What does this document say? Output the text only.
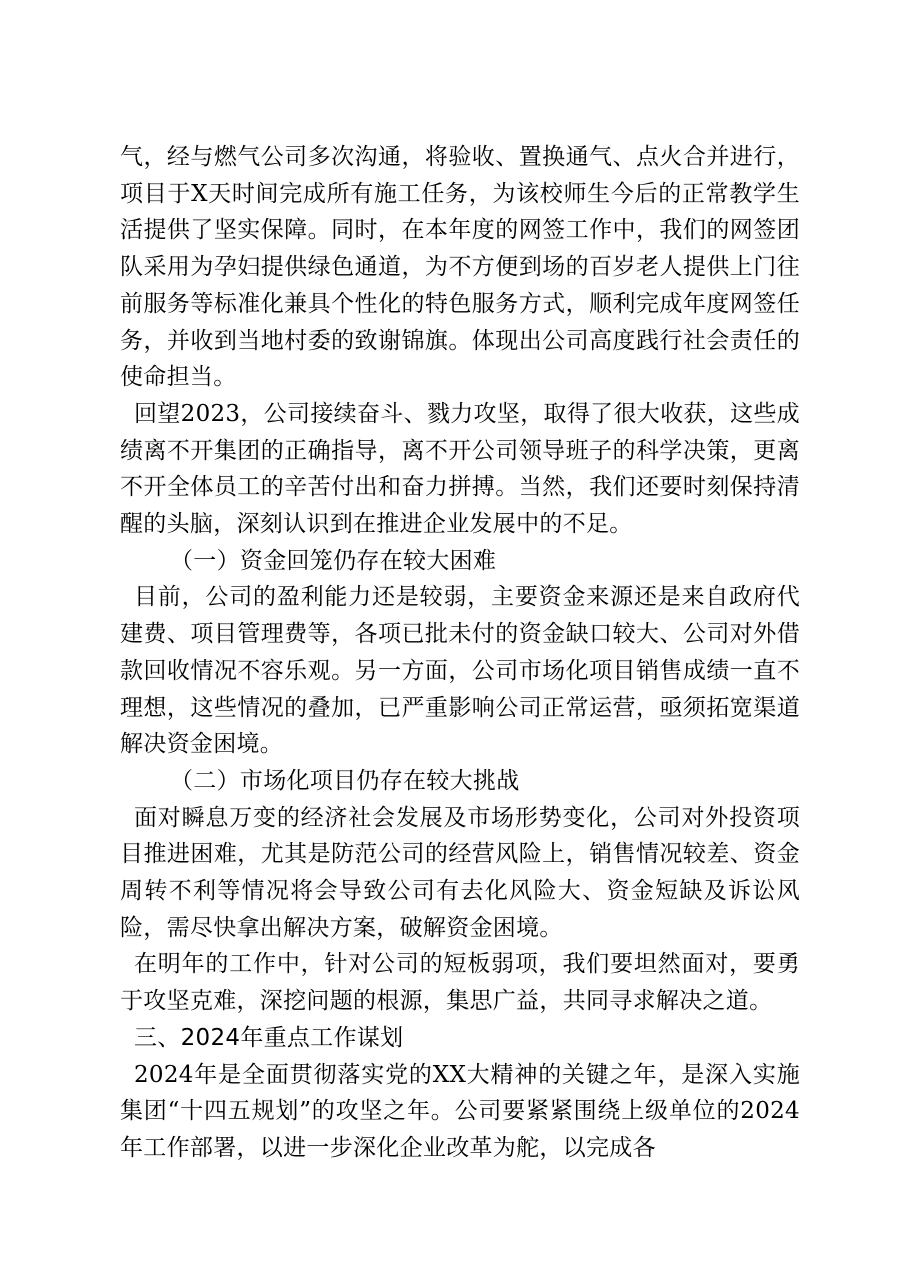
气，经与燃气公司多次沟通，将验收、置换通气、点火合并进行，项目于X天时间完成所有施工任务，为该校师生今后的正常教学生活提供了坚实保障。同时，在本年度的网签工作中，我们的网签团队采用为孕妇提供绿色通道，为不方便到场的百岁老人提供上门往前服务等标准化兼具个性化的特色服务方式，顺利完成年度网签任务，并收到当地村委的致谢锦旗。体现出公司高度践行社会责任的使命担当。

回望2023，公司接续奋斗、戮力攻坚，取得了很大收获，这些成绩离不开集团的正确指导，离不开公司领导班子的科学决策，更离不开全体员工的辛苦付出和奋力拼搏。当然，我们还要时刻保持清醒的头脑，深刻认识到在推进企业发展中的不足。

（一）资金回笼仍存在较大困难

目前，公司的盈利能力还是较弱，主要资金来源还是来自政府代建费、项目管理费等，各项已批未付的资金缺口较大、公司对外借款回收情况不容乐观。另一方面，公司市场化项目销售成绩一直不理想，这些情况的叠加，已严重影响公司正常运营，亟须拓宽渠道解决资金困境。

（二）市场化项目仍存在较大挑战

面对瞬息万变的经济社会发展及市场形势变化，公司对外投资项目推进困难，尤其是防范公司的经营风险上，销售情况较差、资金周转不利等情况将会导致公司有去化风险大、资金短缺及诉讼风险，需尽快拿出解决方案，破解资金困境。

在明年的工作中，针对公司的短板弱项，我们要坦然面对，要勇于攻坚克难，深挖问题的根源，集思广益，共同寻求解决之道。

三、2024年重点工作谋划

2024年是全面贯彻落实党的XX大精神的关键之年，是深入实施集团“十四五规划”的攻坚之年。公司要紧紧围绕上级单位的2024年工作部署，以进一步深化企业改革为舵，以完成各
